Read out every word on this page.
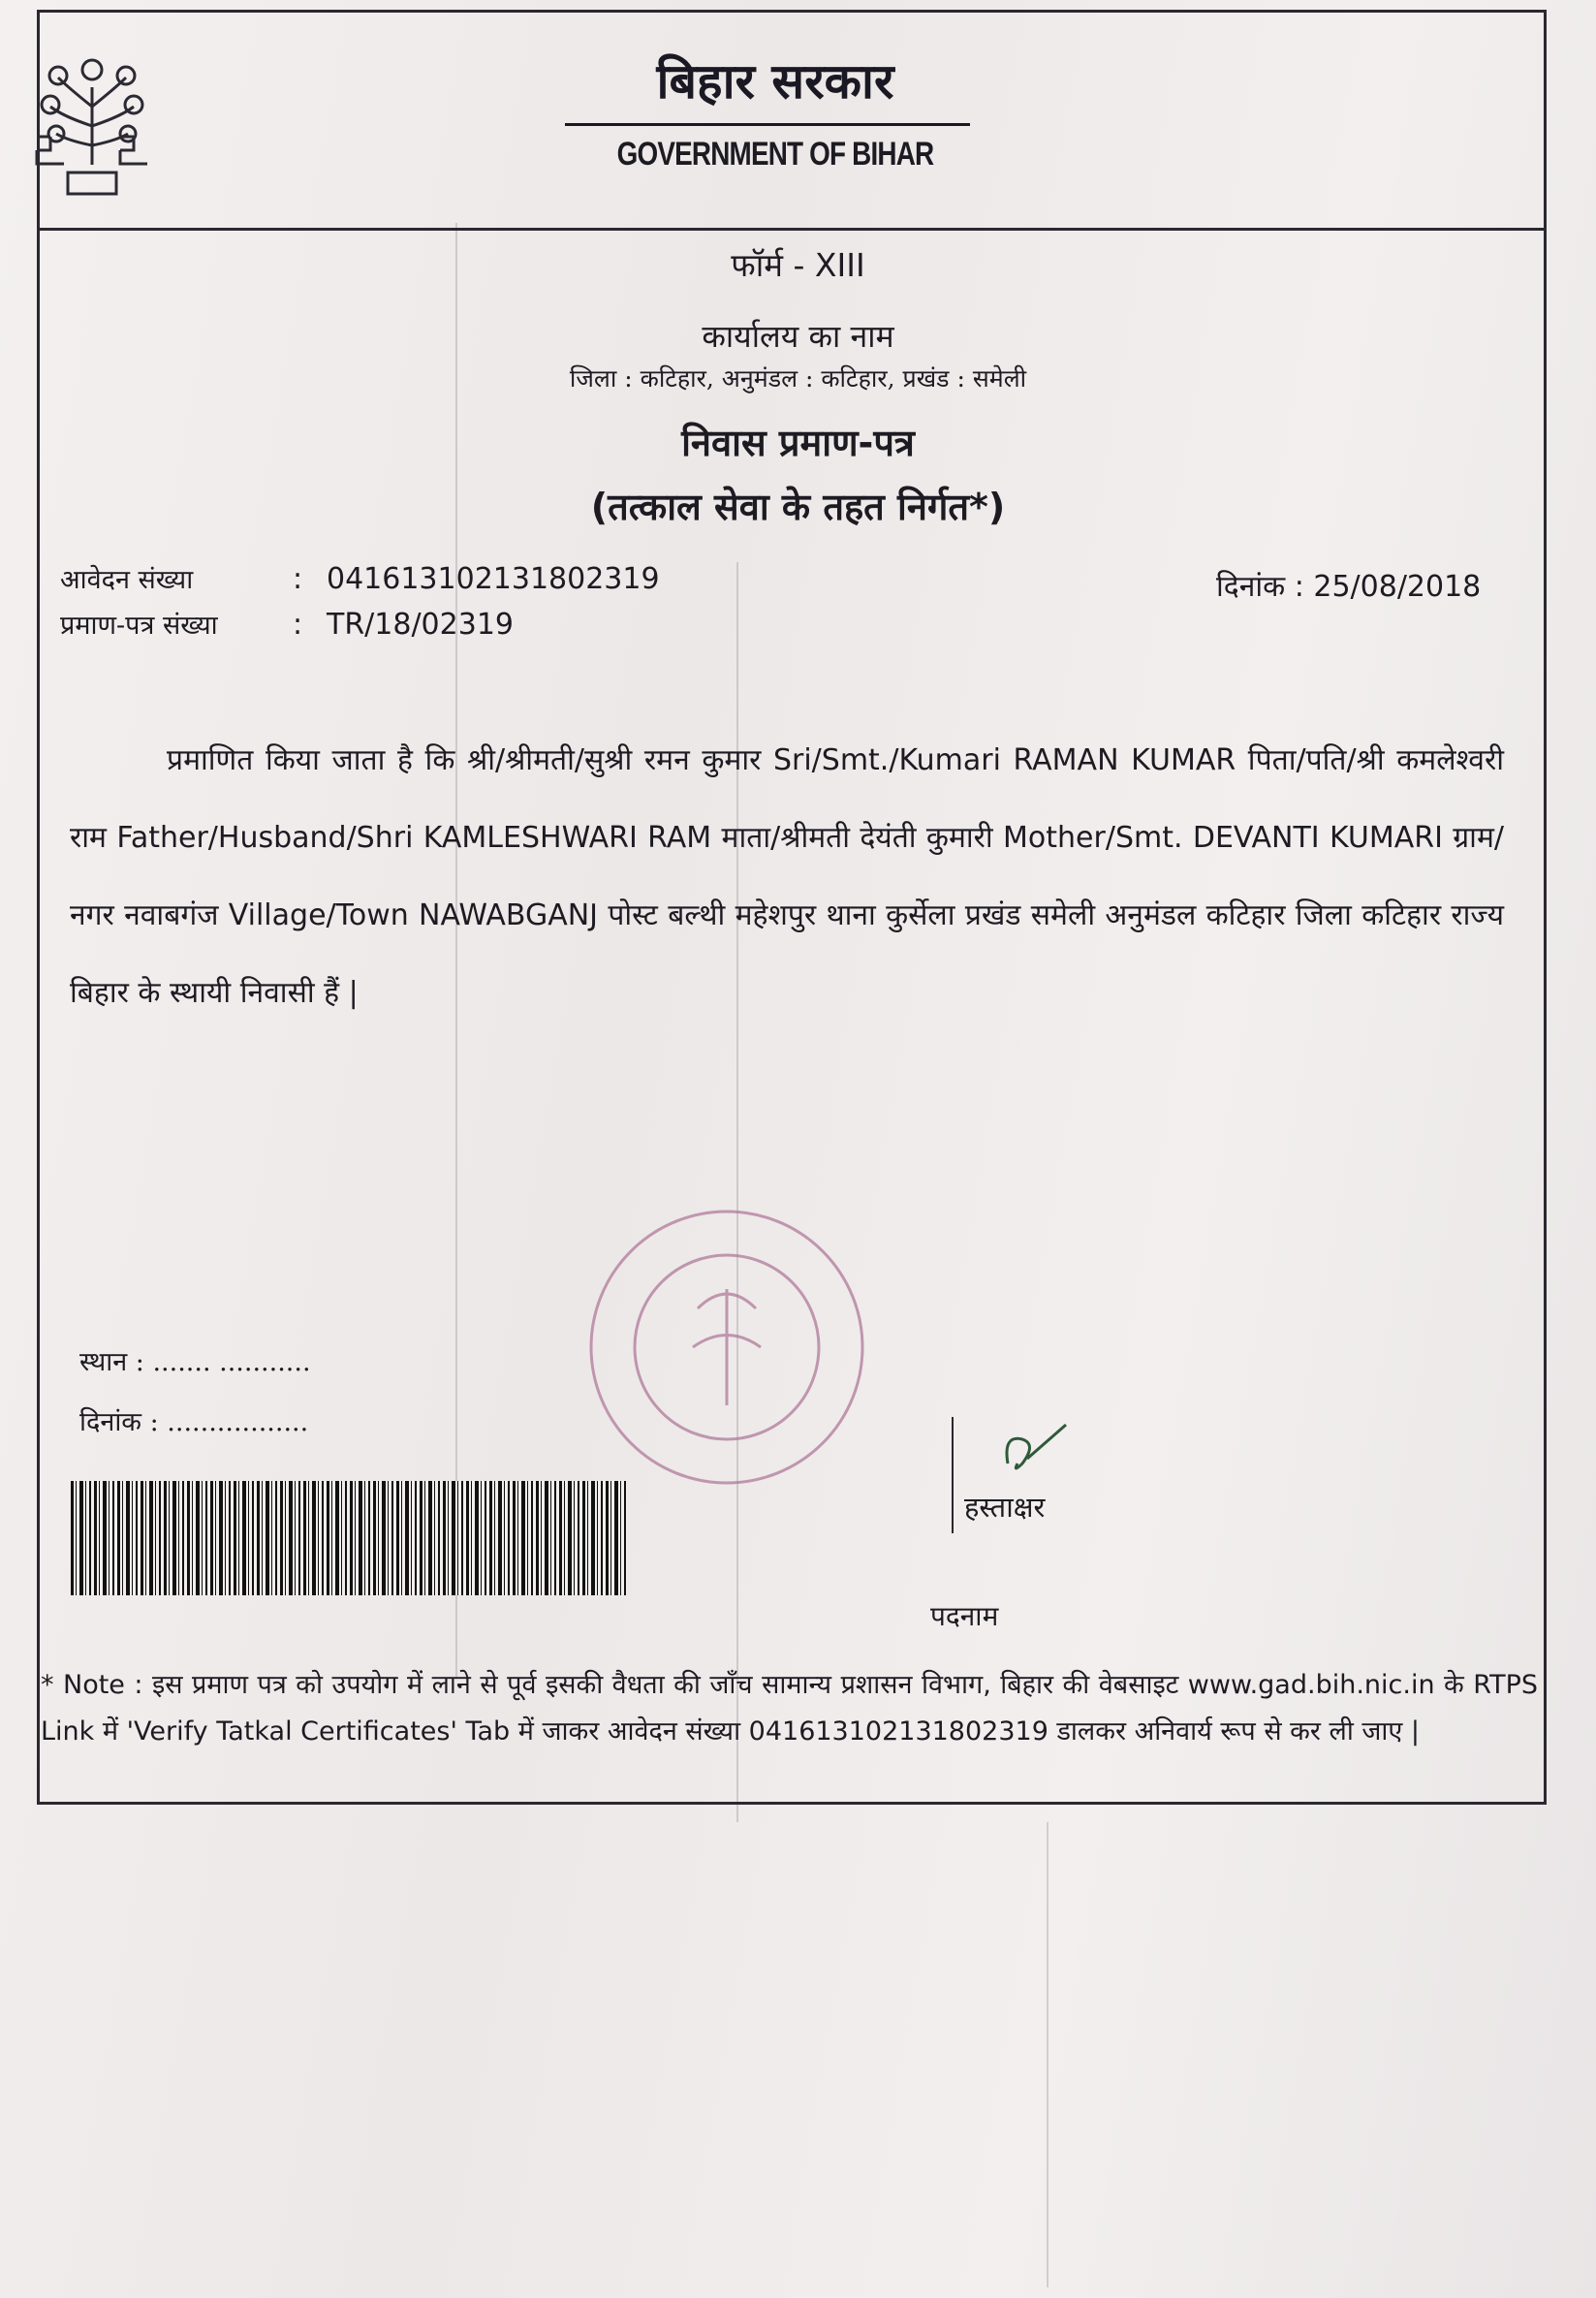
बिहार सरकार
GOVERNMENT OF BIHAR
फॉर्म - XIII
कार्यालय का नाम
जिला : कटिहार, अनुमंडल : कटिहार, प्रखंड : समेली
निवास प्रमाण-पत्र
(तत्काल सेवा के तहत निर्गत*)
आवेदन संख्या	: 041613102131802319
प्रमाण-पत्र संख्या	: TR/18/02319
दिनांक : 25/08/2018
प्रमाणित किया जाता है कि श्री/श्रीमती/सुश्री रमन कुमार Sri/Smt./Kumari RAMAN KUMAR पिता/पति/श्री कमलेश्वरी राम Father/Husband/Shri KAMLESHWARI RAM माता/श्रीमती देयंती कुमारी Mother/Smt. DEVANTI KUMARI ग्राम/नगर नवाबगंज Village/Town NAWABGANJ पोस्ट बल्थी महेशपुर थाना कुर्सेला प्रखंड समेली अनुमंडल कटिहार जिला कटिहार राज्य बिहार के स्थायी निवासी हैं |
स्थान : ....... ...........
दिनांक : .................
हस्ताक्षर
पदनाम
* Note : इस प्रमाण पत्र को उपयोग में लाने से पूर्व इसकी वैधता की जाँच सामान्य प्रशासन विभाग, बिहार की वेबसाइट www.gad.bih.nic.in के RTPS Link में 'Verify Tatkal Certificates' Tab में जाकर आवेदन संख्या 041613102131802319 डालकर अनिवार्य रूप से कर ली जाए |
